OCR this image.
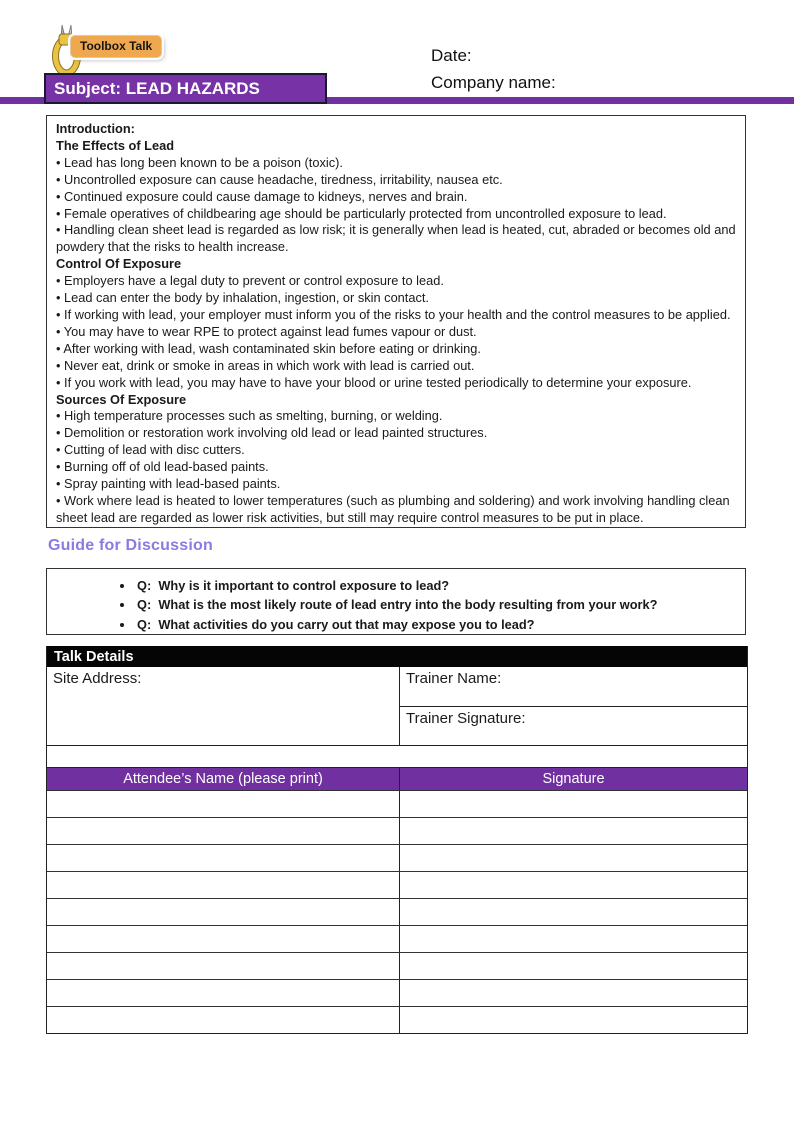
Toolbox Talk	Date:
Company name:
Subject: LEAD HAZARDS
Introduction:
The Effects of Lead
• Lead has long been known to be a poison (toxic).
• Uncontrolled exposure can cause headache, tiredness, irritability, nausea etc.
• Continued exposure could cause damage to kidneys, nerves and brain.
• Female operatives of childbearing age should be particularly protected from uncontrolled exposure to lead.
• Handling clean sheet lead is regarded as low risk; it is generally when lead is heated, cut, abraded or becomes old and powdery that the risks to health increase.
Control Of Exposure
• Employers have a legal duty to prevent or control exposure to lead.
• Lead can enter the body by inhalation, ingestion, or skin contact.
• If working with lead, your employer must inform you of the risks to your health and the control measures to be applied.
• You may have to wear RPE to protect against lead fumes vapour or dust.
• After working with lead, wash contaminated skin before eating or drinking.
• Never eat, drink or smoke in areas in which work with lead is carried out.
• If you work with lead, you may have to have your blood or urine tested periodically to determine your exposure.
Sources Of Exposure
• High temperature processes such as smelting, burning, or welding.
• Demolition or restoration work involving old lead or lead painted structures.
• Cutting of lead with disc cutters.
• Burning off of old lead-based paints.
• Spray painting with lead-based paints.
• Work where lead is heated to lower temperatures (such as plumbing and soldering) and work involving handling clean sheet lead are regarded as lower risk activities, but still may require control measures to be put in place.
Guide for Discussion
• Q:  Why is it important to control exposure to lead?
• Q:  What is the most likely route of lead entry into the body resulting from your work?
• Q:  What activities do you carry out that may expose you to lead?
Talk Details
Site Address:	Trainer Name:
Trainer Signature:
Attendee’s Name (please print)	Signature
